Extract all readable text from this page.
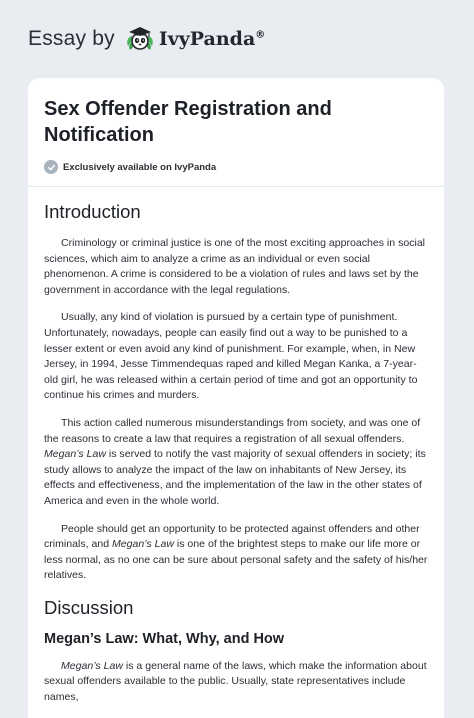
Essay by IvyPanda®
Sex Offender Registration and Notification
Exclusively available on IvyPanda
Introduction

Criminology or criminal justice is one of the most exciting approaches in social sciences, which aim to analyze a crime as an individual or even social phenomenon. A crime is considered to be a violation of rules and laws set by the government in accordance with the legal regulations.

Usually, any kind of violation is pursued by a certain type of punishment. Unfortunately, nowadays, people can easily find out a way to be punished to a lesser extent or even avoid any kind of punishment. For example, when, in New Jersey, in 1994, Jesse Timmendequas raped and killed Megan Kanka, a 7-year-old girl, he was released within a certain period of time and got an opportunity to continue his crimes and murders.

This action called numerous misunderstandings from society, and was one of the reasons to create a law that requires a registration of all sexual offenders. Megan’s Law is served to notify the vast majority of sexual offenders in society; its study allows to analyze the impact of the law on inhabitants of New Jersey, its effects and effectiveness, and the implementation of the law in the other states of America and even in the whole world.

People should get an opportunity to be protected against offenders and other criminals, and Megan’s Law is one of the brightest steps to make our life more or less normal, as no one can be sure about personal safety and the safety of his/her relatives.

Discussion
Megan’s Law: What, Why, and How

Megan’s Law is a general name of the laws, which make the information about sexual offenders available to the public. Usually, state representatives include names,
